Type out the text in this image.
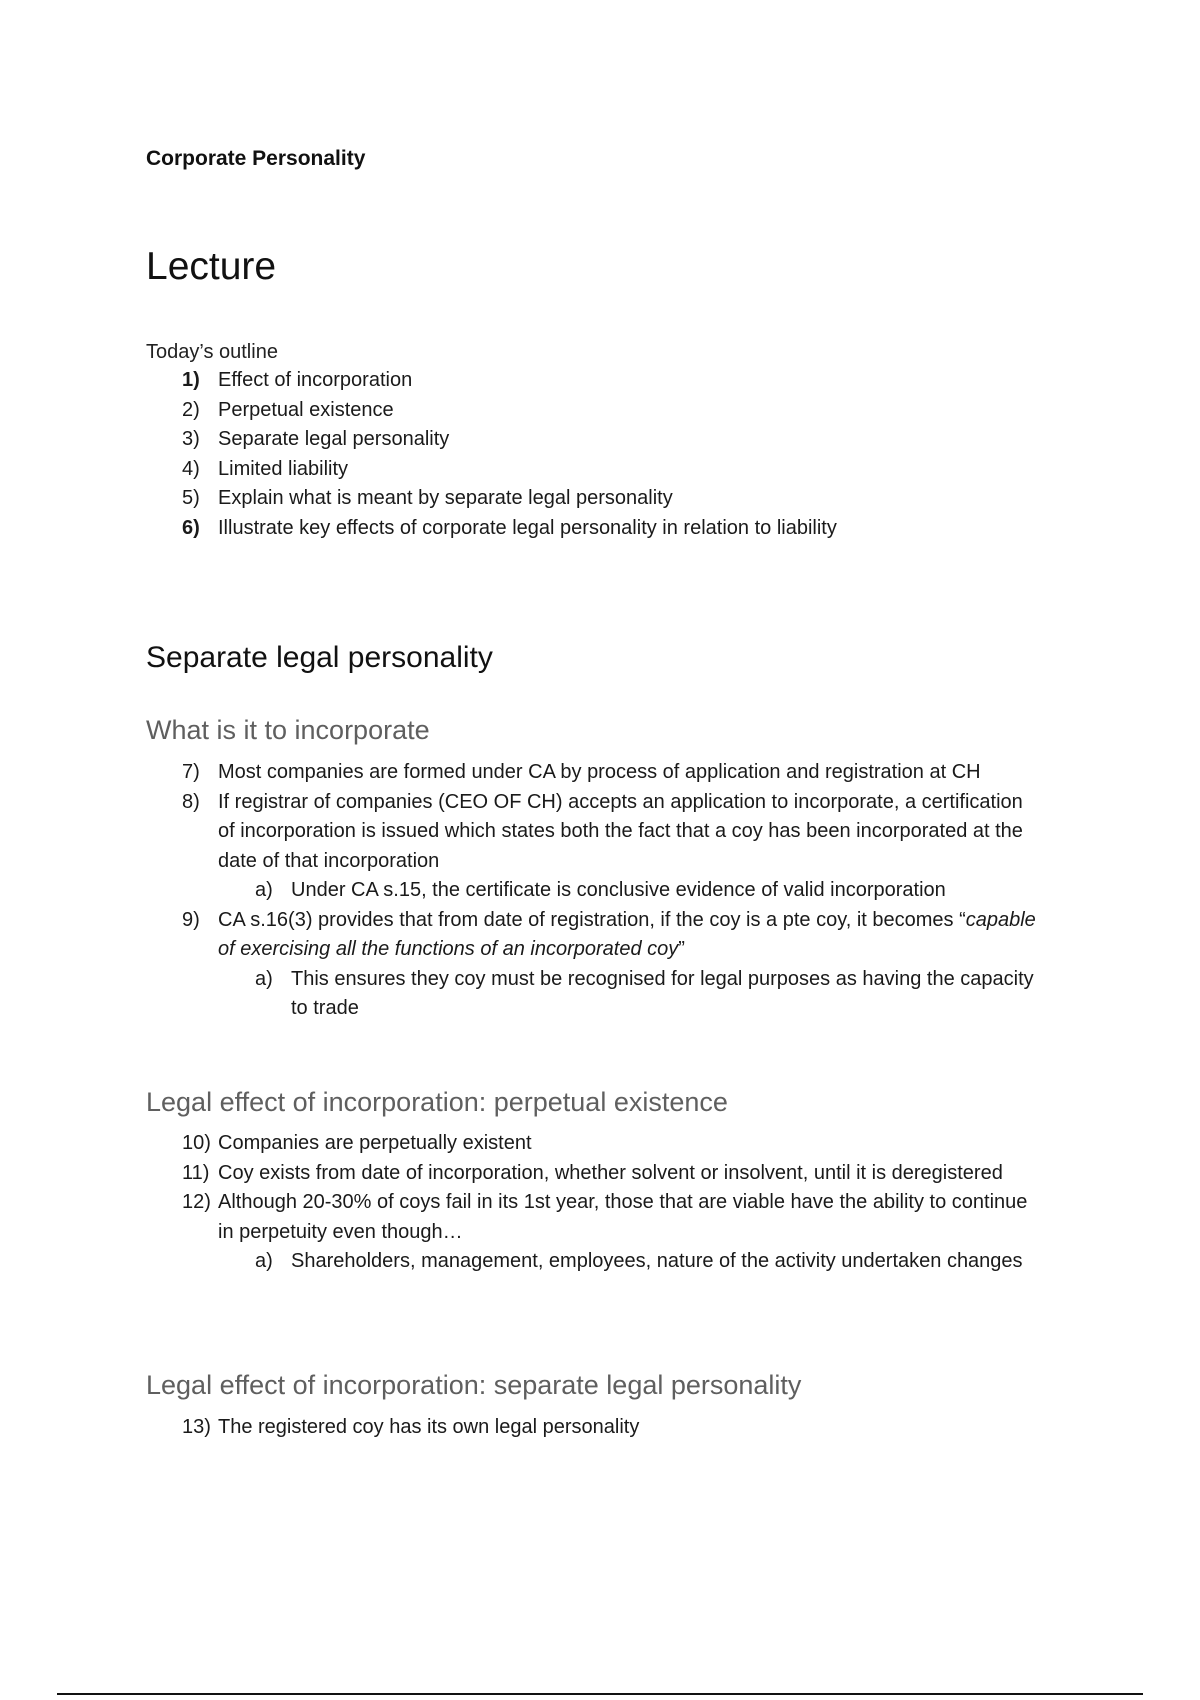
Corporate Personality
Lecture
Today’s outline
1) Effect of incorporation
2) Perpetual existence
3) Separate legal personality
4) Limited liability
5) Explain what is meant by separate legal personality
6) Illustrate key effects of corporate legal personality in relation to liability
Separate legal personality
What is it to incorporate
7) Most companies are formed under CA by process of application and registration at CH
8) If registrar of companies (CEO OF CH) accepts an application to incorporate, a certification of incorporation is issued which states both the fact that a coy has been incorporated at the date of that incorporation
a) Under CA s.15, the certificate is conclusive evidence of valid incorporation
9) CA s.16(3) provides that from date of registration, if the coy is a pte coy, it becomes “capable of exercising all the functions of an incorporated coy”
a) This ensures they coy must be recognised for legal purposes as having the capacity to trade
Legal effect of incorporation: perpetual existence
10) Companies are perpetually existent
11) Coy exists from date of incorporation, whether solvent or insolvent, until it is deregistered
12) Although 20-30% of coys fail in its 1st year, those that are viable have the ability to continue in perpetuity even though…
a) Shareholders, management, employees, nature of the activity undertaken changes
Legal effect of incorporation: separate legal personality
13) The registered coy has its own legal personality
